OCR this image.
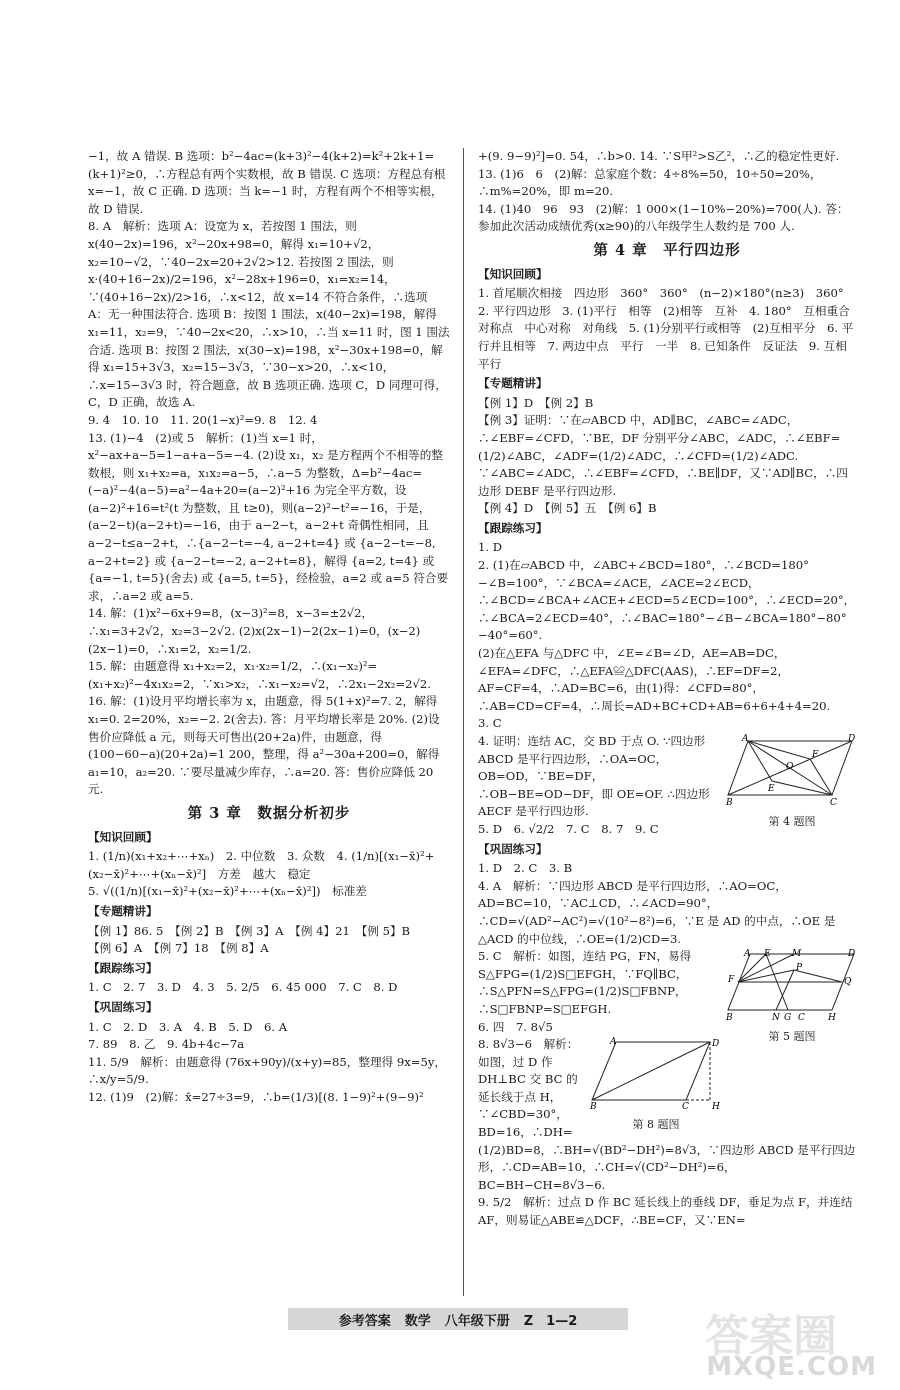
−1，故 A 错误. B 选项：b²−4ac=(k+3)²−4(k+2)=k²+2k+1=(k+1)²≥0，∴方程总有两个实数根，故 B 错误. C 选项：方程总有根 x=−1，故 C 正确. D 选项：当 k=−1 时，方程有两个不相等实根，故 D 错误.

8. A　解析：选项 A：设宽为 x，若按图 1 围法，则 x(40−2x)=196，x²−20x+98=0，解得 x₁=10+√2，x₂=10−√2，∵40−2x=20+2√2>12. 若按图 2 围法，则 x·(40+16−2x)/2=196，x²−28x+196=0，x₁=x₂=14，∵(40+16−2x)/2>16，∴x<12，故 x=14 不符合条件，∴选项 A：无一种围法符合. 选项 B：按图 1 围法，x(40−2x)=198，解得 x₁=11，x₂=9，∵40−2x<20，∴x>10，∴当 x=11 时，图 1 围法合适. 选项 B：按图 2 围法，x(30−x)=198，x²−30x+198=0，解得 x₁=15+3√3，x₂=15−3√3，∵30−x>20，∴x<10，∴x=15−3√3 时，符合题意，故 B 选项正确. 选项 C，D 同理可得，C，D 正确，故选 A.

9. 4　10. 10　11. 20(1−x)²=9. 8　12. 4

13. (1)−4　(2)或 5　解析：(1)当 x=1 时，x²−ax+a−5=1−a+a−5=−4. (2)设 x₁，x₂ 是方程两个不相等的整数根，则 x₁+x₂=a，x₁x₂=a−5，∴a−5 为整数，Δ=b²−4ac=(−a)²−4(a−5)=a²−4a+20=(a−2)²+16 为完全平方数，设(a−2)²+16=t²(t 为整数，且 t≥0)，则(a−2)²−t²=−16，于是，(a−2−t)(a−2+t)=−16，由于 a−2−t，a−2+t 奇偶性相同，且 a−2−t≤a−2+t，∴{a−2−t=−4, a−2+t=4} 或 {a−2−t=−8, a−2+t=2} 或 {a−2−t=−2, a−2+t=8}，解得 {a=2, t=4} 或 {a=−1, t=5}(舍去) 或 {a=5, t=5}，经检验，a=2 或 a=5 符合要求，∴a=2 或 a=5.

14. 解：(1)x²−6x+9=8，(x−3)²=8，x−3=±2√2，∴x₁=3+2√2，x₂=3−2√2. (2)x(2x−1)−2(2x−1)=0，(x−2)(2x−1)=0，∴x₁=2，x₂=1/2.

15. 解：由题意得 x₁+x₂=2，x₁·x₂=1/2，∴(x₁−x₂)²=(x₁+x₂)²−4x₁x₂=2，∵x₁>x₂，∴x₁−x₂=√2，∴2x₁−2x₂=2√2.

16. 解：(1)设月平均增长率为 x，由题意，得 5(1+x)²=7. 2，解得 x₁=0. 2=20%，x₂=−2. 2(舍去). 答：月平均增长率是 20%. (2)设售价应降低 a 元，则每天可售出(20+2a)件，由题意，得(100−60−a)(20+2a)=1 200，整理，得 a²−30a+200=0，解得 a₁=10，a₂=20. ∵要尽量减少库存，∴a=20. 答：售价应降低 20 元.

第 3 章　数据分析初步
【知识回顾】

1. (1/n)(x₁+x₂+⋯+xₙ)　2. 中位数　3. 众数　4. (1/n)[(x₁−x̄)²+(x₂−x̄)²+⋯+(xₙ−x̄)²]　方差　越大　稳定

5. √((1/n)[(x₁−x̄)²+(x₂−x̄)²+⋯+(xₙ−x̄)²])　标准差

【专题精讲】

【例 1】86. 5　【例 2】B　【例 3】A　【例 4】21　【例 5】B

【例 6】A　【例 7】18　【例 8】A

【跟踪练习】

1. C　2. 7　3. D　4. 3　5. 2/5　6. 45 000　7. C　8. D

【巩固练习】

1. C　2. D　3. A　4. B　5. D　6. A

7. 89　8. 乙　9. 4b+4c−7a

11. 5/9　解析：由题意得 (76x+90y)/(x+y)=85，整理得 9x=5y，∴x/y=5/9.

12. (1)9　(2)解：x̄=27÷3=9，∴b=(1/3)[(8. 1−9)²+(9−9)²

+(9. 9−9)²]=0. 54，∴b>0. 14. ∵S甲²>S乙²，∴乙的稳定性更好.

13. (1)6　6　(2)解：总家庭个数：4÷8%=50，10÷50=20%，∴m%=20%，即 m=20.

14. (1)40　96　93　(2)解：1 000×(1−10%−20%)=700(人). 答：参加此次活动成绩优秀(x≥90)的八年级学生人数约是 700 人.

第 4 章　平行四边形
【知识回顾】

1. 首尾顺次相接　四边形　360°　360°　(n−2)×180°(n≥3)　360°　2. 平行四边形　3. (1)平行　相等　(2)相等　互补　4. 180°　互相重合　对称点　中心对称　对角线　5. (1)分别平行或相等　(2)互相平分　6. 平行并且相等　7. 两边中点　平行　一半　8. 已知条件　反证法　9. 互相平行

【专题精讲】

【例 1】D　【例 2】B

【例 3】证明：∵在▱ABCD 中，AD∥BC，∠ABC=∠ADC，∴∠EBF=∠CFD，∵BE，DF 分别平分∠ABC，∠ADC，∴∠EBF=(1/2)∠ABC，∠ADF=(1/2)∠ADC，∴∠CFD=(1/2)∠ADC. ∵∠ABC=∠ADC，∴∠EBF=∠CFD，∴BE∥DF，又∵AD∥BC，∴四边形 DEBF 是平行四边形.

【例 4】D　【例 5】五　【例 6】B

【跟踪练习】

1. D

2. (1)在▱ABCD 中，∠ABC+∠BCD=180°，∴∠BCD=180°−∠B=100°，∵∠BCA=∠ACE，∠ACE=2∠ECD，∴∠BCD=∠BCA+∠ACE+∠ECD=5∠ECD=100°，∴∠ECD=20°，∴∠BCA=2∠ECD=40°，∴∠BAC=180°−∠B−∠BCA=180°−80°−40°=60°.

(2)在△EFA 与△DFC 中，∠E=∠B=∠D，AE=AB=DC，∠EFA=∠DFC，∴△EFA≌△DFC(AAS)，∴EF=DF=2，AF=CF=4，∴AD=BC=6，由(1)得：∠CFD=80°，∴AB=CD=CF=4，∴周长=AD+BC+CD+AB=6+6+4+4=20.

3. C

A	D
B	C
O
E
F
第 4 题图

4. 证明：连结 AC，交 BD 于点 O. ∵四边形 ABCD 是平行四边形，∴OA=OC，OB=OD，∵BE=DF，∴OB−BE=OD−DF，即 OE=OF. ∴四边形 AECF 是平行四边形.

5. D　6. √2/2　7. C　8. 7　9. C

【巩固练习】

1. D　2. C　3. B

4. A　解析：∵四边形 ABCD 是平行四边形，∴AO=OC，AD=BC=10，∵AC⊥CD，∴∠ACD=90°，∴CD=√(AD²−AC²)=√(10²−8²)=6，∵E 是 AD 的中点，∴OE 是△ACD 的中位线，∴OE=(1/2)CD=3.

A E M	D
F
P
Q
B	N G C	H
第 5 题图

5. C　解析：如图，连结 PG，FN，易得 S△FPG=(1/2)S□EFGH，∵FQ∥BC，∴S△PFN=S△FPG=(1/2)S□FBNP，∴S□FBNP=S□EFGH.

6. 四　7. 8√5

A	D
B	C	H
第 8 题图

8. 8√3−6　解析：如图，过 D 作 DH⊥BC 交 BC 的延长线于点 H，∵∠CBD=30°，BD=16，∴DH=(1/2)BD=8，∴BH=√(BD²−DH²)=8√3，∵四边形 ABCD 是平行四边形，∴CD=AB=10，∴CH=√(CD²−DH²)=6，BC=BH−CH=8√3−6.

9. 5/2　解析：过点 D 作 BC 延长线上的垂线 DF，垂足为点 F，并连结 AF，则易证△ABE≌△DCF，∴BE=CF，又∵EN=

参考答案 数学 八年级下册 Z　1—2	答案圈
MXQE.COM
